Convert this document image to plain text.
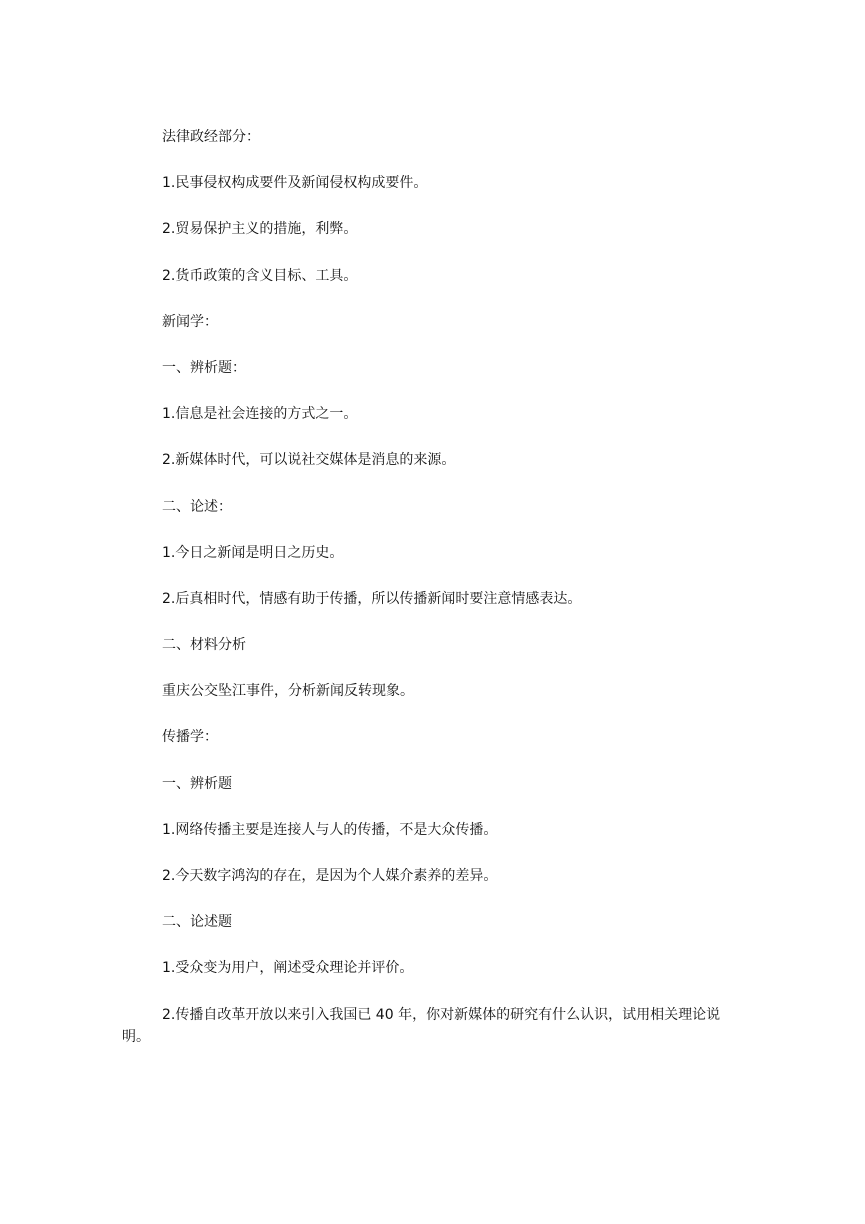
法律政经部分：

1.民事侵权构成要件及新闻侵权构成要件。

2.贸易保护主义的措施，利弊。

2.货币政策的含义目标、工具。

新闻学：

一、辨析题：

1.信息是社会连接的方式之一。

2.新媒体时代，可以说社交媒体是消息的来源。

二、论述：

1.今日之新闻是明日之历史。

2.后真相时代，情感有助于传播，所以传播新闻时要注意情感表达。

二、材料分析

重庆公交坠江事件，分析新闻反转现象。

传播学：

一、辨析题

1.网络传播主要是连接人与人的传播，不是大众传播。

2.今天数字鸿沟的存在，是因为个人媒介素养的差异。

二、论述题

1.受众变为用户，阐述受众理论并评价。

2.传播自改革开放以来引入我国已 40 年，你对新媒体的研究有什么认识，试用相关理论说明。
